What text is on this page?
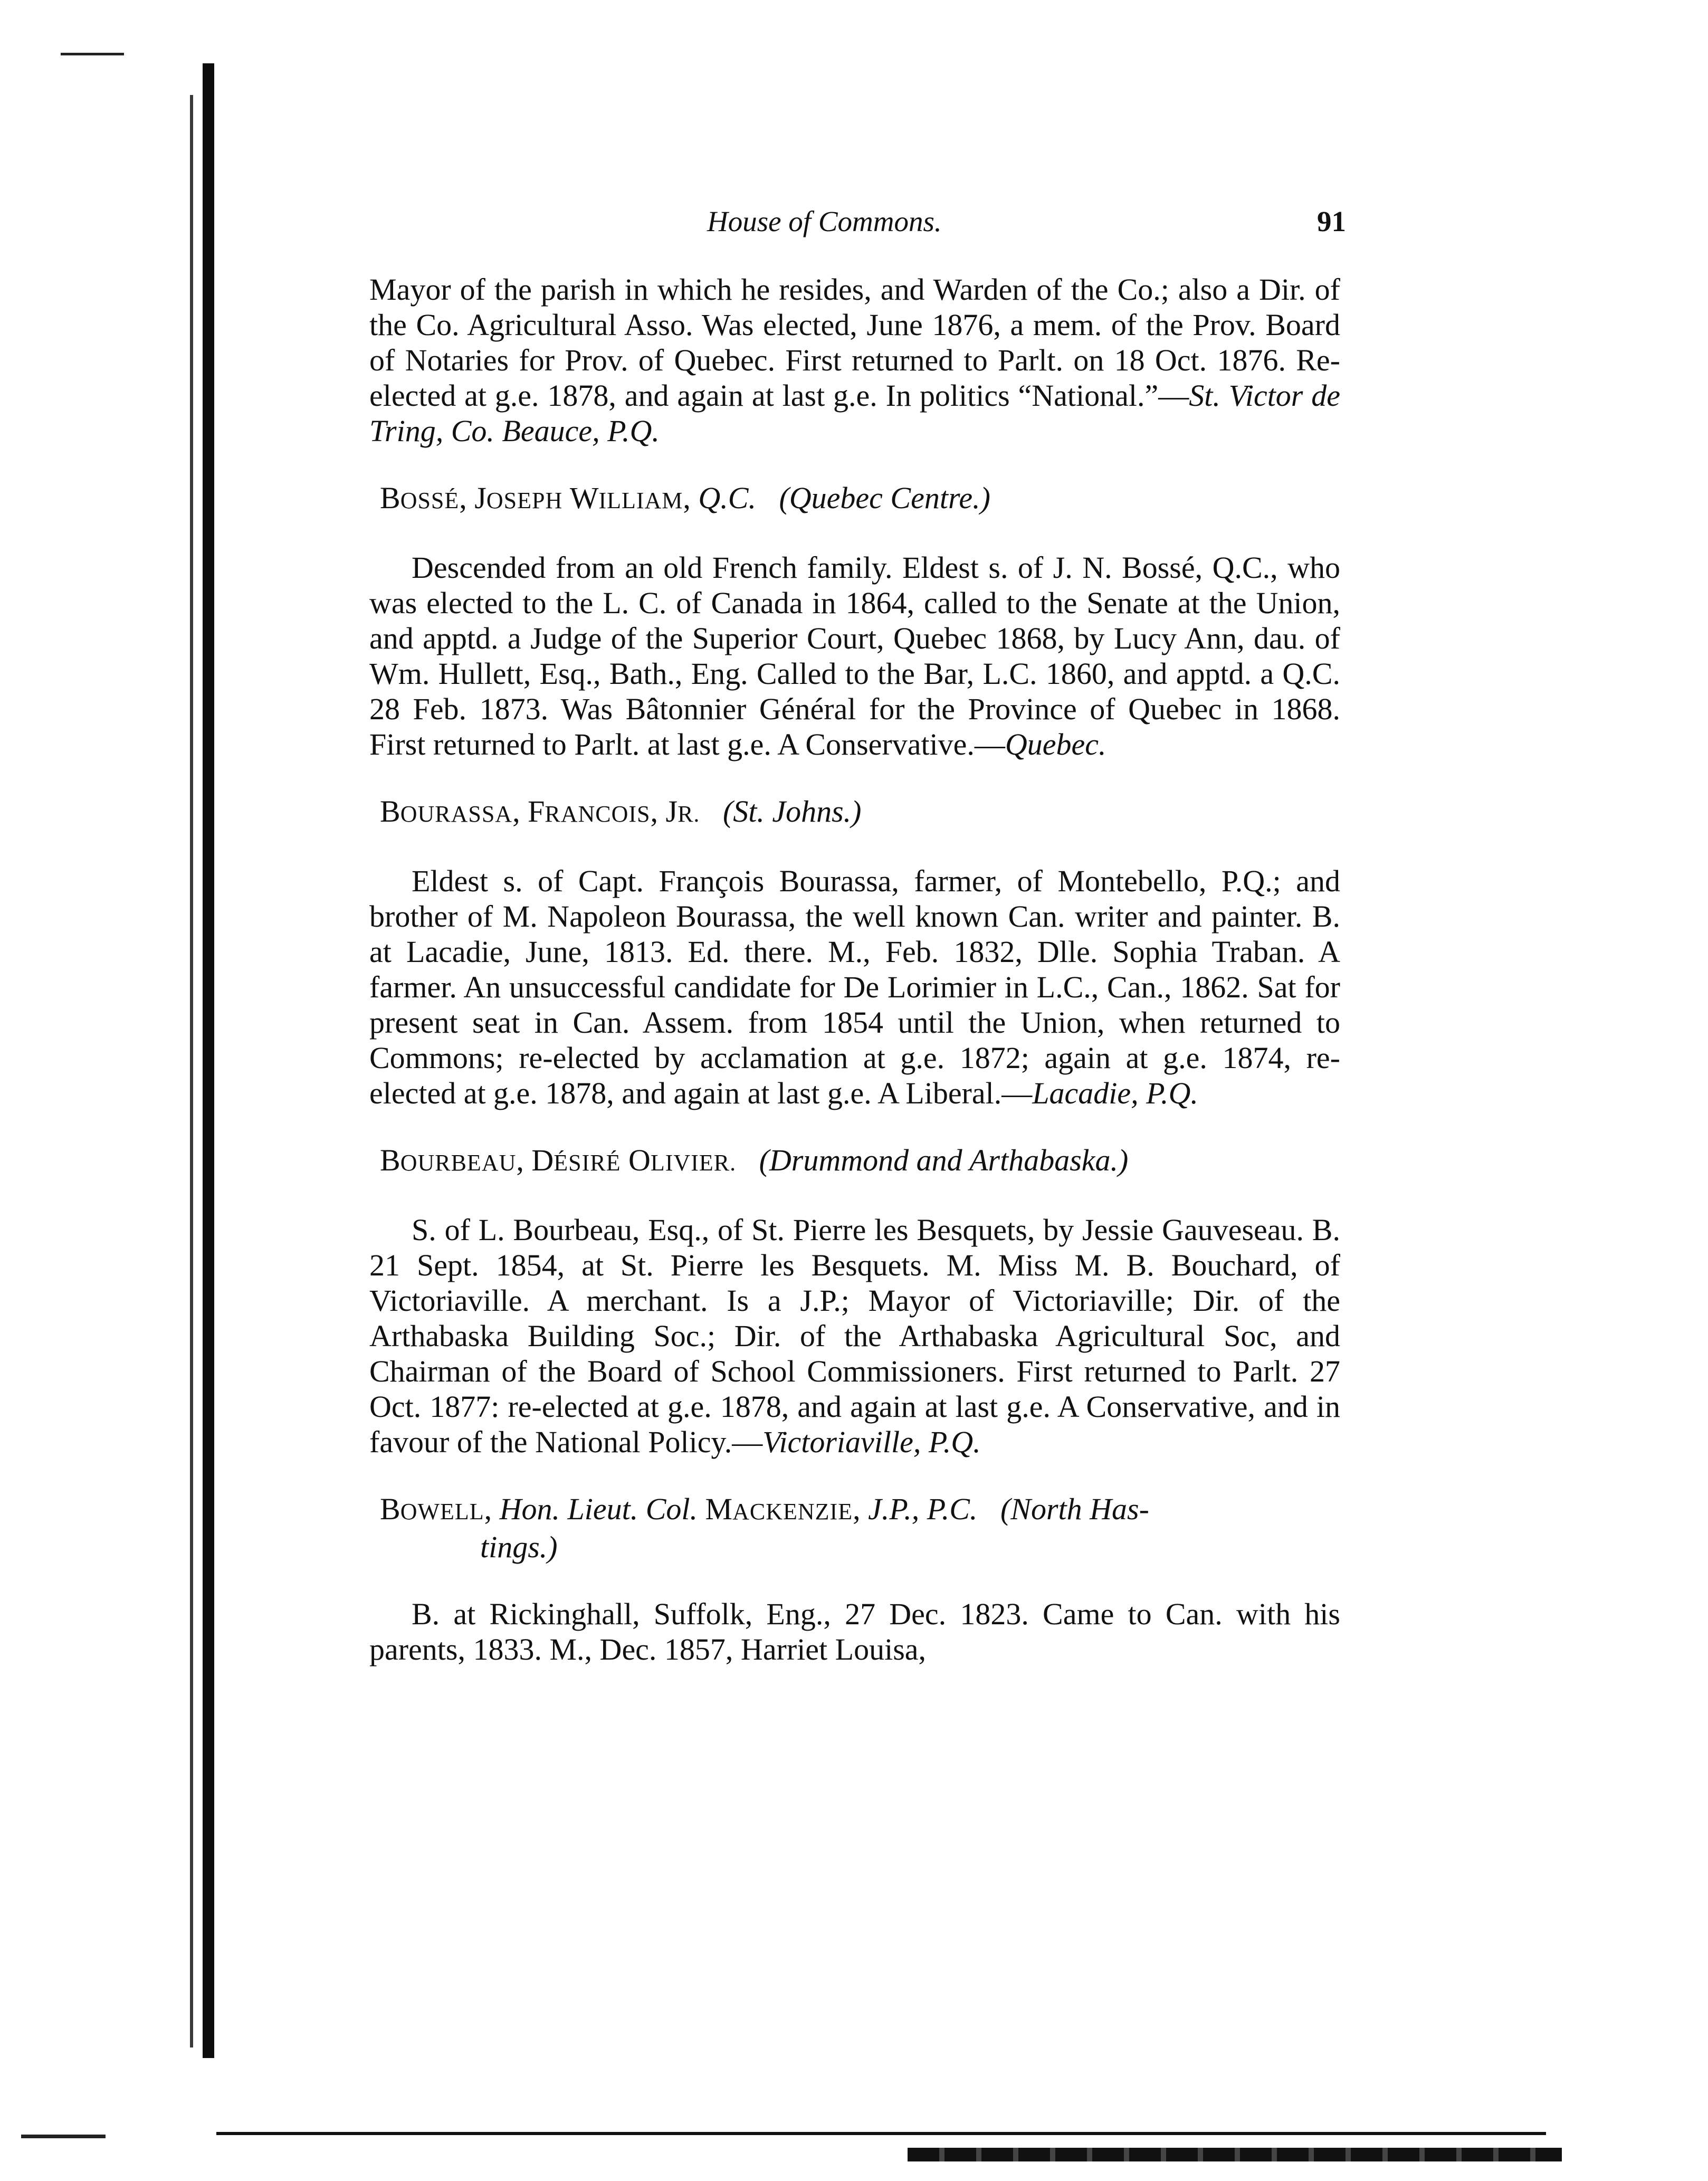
House of Commons.	91

Mayor of the parish in which he resides, and Warden of the Co.; also a Dir. of the Co. Agricultural Asso. Was elected, June 1876, a mem. of the Prov. Board of Notaries for Prov. of Quebec. First returned to Parlt. on 18 Oct. 1876. Re-elected at g.e. 1878, and again at last g.e. In politics “National.”—St. Victor de Tring, Co. Beauce, P.Q.

BOSSÉ, JOSEPH WILLIAM, Q.C. (Quebec Centre.)

Descended from an old French family. Eldest s. of J. N. Bossé, Q.C., who was elected to the L. C. of Canada in 1864, called to the Senate at the Union, and apptd. a Judge of the Superior Court, Quebec 1868, by Lucy Ann, dau. of Wm. Hullett, Esq., Bath., Eng. Called to the Bar, L.C. 1860, and apptd. a Q.C. 28 Feb. 1873. Was Bâtonnier Général for the Province of Quebec in 1868. First returned to Parlt. at last g.e. A Conservative.—Quebec.

BOURASSA, FRANCOIS, JR. (St. Johns.)

Eldest s. of Capt. François Bourassa, farmer, of Montebello, P.Q.; and brother of M. Napoleon Bourassa, the well known Can. writer and painter. B. at Lacadie, June, 1813. Ed. there. M., Feb. 1832, Dlle. Sophia Traban. A farmer. An unsuccessful candidate for De Lorimier in L.C., Can., 1862. Sat for present seat in Can. Assem. from 1854 until the Union, when returned to Commons; re-elected by acclamation at g.e. 1872; again at g.e. 1874, re-elected at g.e. 1878, and again at last g.e. A Liberal.—Lacadie, P.Q.

BOURBEAU, DÉSIRÉ OLIVIER. (Drummond and Arthabaska.)

S. of L. Bourbeau, Esq., of St. Pierre les Besquets, by Jessie Gauveseau. B. 21 Sept. 1854, at St. Pierre les Besquets. M. Miss M. B. Bouchard, of Victoriaville. A merchant. Is a J.P.; Mayor of Victoriaville; Dir. of the Arthabaska Building Soc.; Dir. of the Arthabaska Agricultural Soc, and Chairman of the Board of School Commissioners. First returned to Parlt. 27 Oct. 1877: re-elected at g.e. 1878, and again at last g.e. A Conservative, and in favour of the National Policy.—Victoriaville, P.Q.

BOWELL, Hon. Lieut. Col. MACKENZIE, J.P., P.C. (North Has-
tings.)

B. at Rickinghall, Suffolk, Eng., 27 Dec. 1823. Came to Can. with his parents, 1833. M., Dec. 1857, Harriet Louisa,
